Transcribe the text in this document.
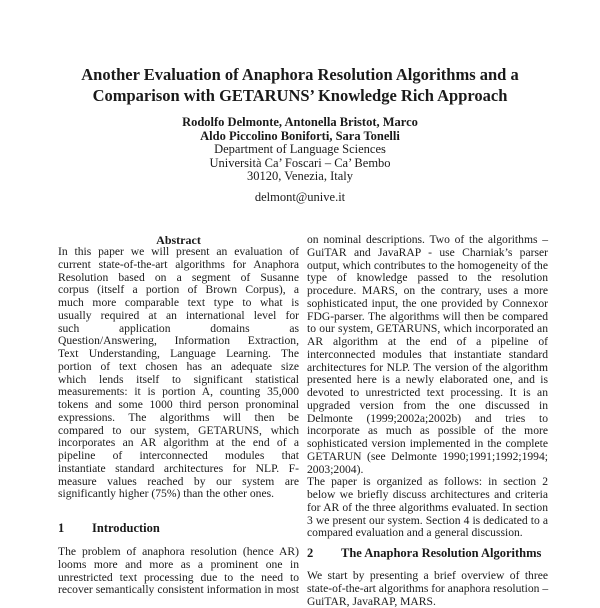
Another Evaluation of Anaphora Resolution Algorithms and a
Comparison with GETARUNS’ Knowledge Rich Approach
Rodolfo Delmonte, Antonella Bristot, Marco
Aldo Piccolino Boniforti, Sara Tonelli
Department of Language Sciences
Università Ca’ Foscari – Ca’ Bembo
30120, Venezia, Italy
delmont@unive.it
Abstract
In this paper we will present an evaluation of
current state-of-the-art algorithms for Anaphora
Resolution based on a segment of Susanne
corpus (itself a portion of Brown Corpus), a
much more comparable text type to what is
usually required at an international level for
such application domains as
Question/Answering, Information Extraction,
Text Understanding, Language Learning. The
portion of text chosen has an adequate size
which lends itself to significant statistical
measurements: it is portion A, counting 35,000
tokens and some 1000 third person pronominal
expressions. The algorithms will then be
compared to our system, GETARUNS, which
incorporates an AR algorithm at the end of a
pipeline of interconnected modules that
instantiate standard architectures for NLP. F-
measure values reached by our system are
significantly higher (75%) than the other ones.
1 Introduction
The problem of anaphora resolution (hence AR)
looms more and more as a prominent one in
unrestricted text processing due to the need to
recover semantically consistent information in most
on nominal descriptions. Two of the algorithms –
GuiTAR and JavaRAP - use Charniak’s parser
output, which contributes to the homogeneity of the
type of knowledge passed to the resolution
procedure. MARS, on the contrary, uses a more
sophisticated input, the one provided by Connexor
FDG-parser. The algorithms will then be compared
to our system, GETARUNS, which incorporated an
AR algorithm at the end of a pipeline of
interconnected modules that instantiate standard
architectures for NLP. The version of the algorithm
presented here is a newly elaborated one, and is
devoted to unrestricted text processing. It is an
upgraded version from the one discussed in
Delmonte (1999;2002a;2002b) and tries to
incorporate as much as possible of the more
sophisticated version implemented in the complete
GETARUN (see Delmonte 1990;1991;1992;1994;
2003;2004).
The paper is organized as follows: in section 2
below we briefly discuss architectures and criteria
for AR of the three algorithms evaluated. In section
3 we present our system. Section 4 is dedicated to a
compared evaluation and a general discussion.
2 The Anaphora Resolution Algorithms
We start by presenting a brief overview of three
state-of-the-art algorithms for anaphora resolution –
GuiTAR, JavaRAP, MARS.
